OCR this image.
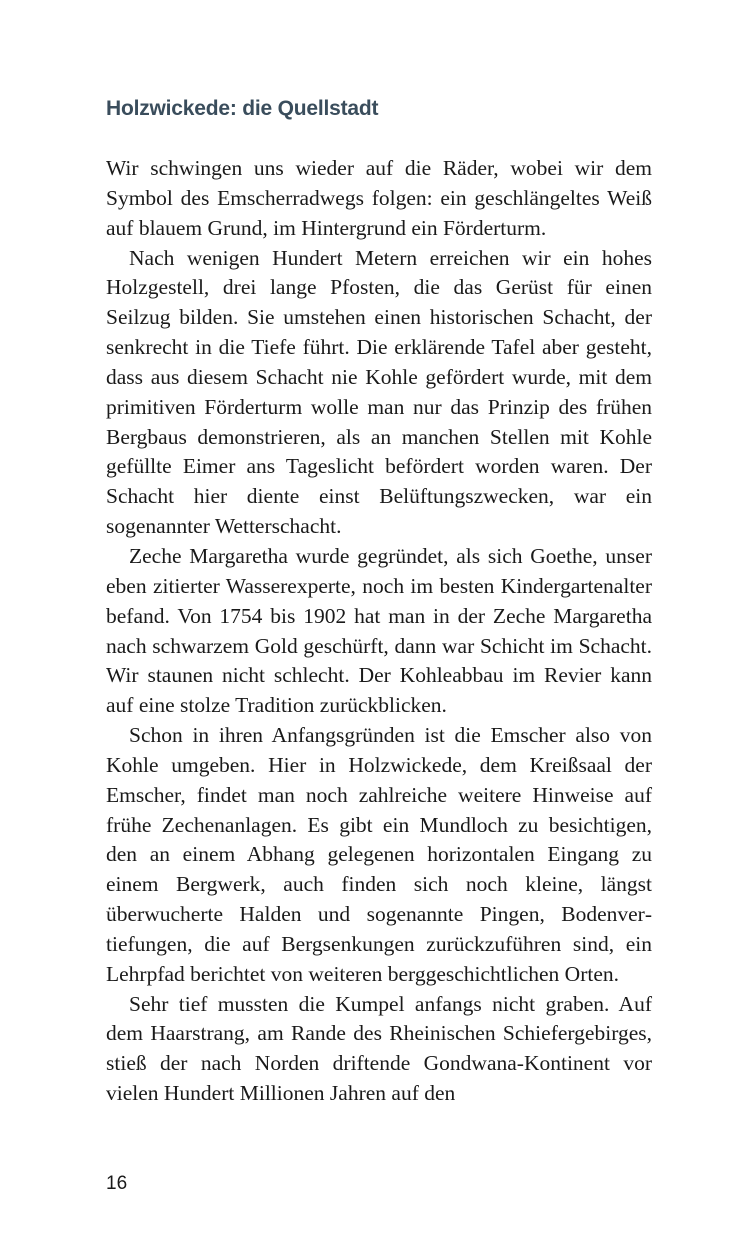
Holzwickede: die Quellstadt

Wir schwingen uns wieder auf die Räder, wobei wir dem Symbol des Emscherradwegs folgen: ein geschlängeltes Weiß auf blauem Grund, im Hintergrund ein Förderturm.

Nach wenigen Hundert Metern erreichen wir ein hohes Holzgestell, drei lange Pfosten, die das Gerüst für einen Seilzug bilden. Sie umstehen einen historischen Schacht, der senkrecht in die Tiefe führt. Die erklärende Tafel aber gesteht, dass aus diesem Schacht nie Kohle gefördert wurde, mit dem primitiven Förderturm wolle man nur das Prinzip des frühen Bergbaus demonstrieren, als an manchen Stellen mit Kohle gefüllte Eimer ans Tageslicht befördert worden waren. Der Schacht hier diente einst Belüftungszwecken, war ein sogenannter Wetterschacht.

Zeche Margaretha wurde gegründet, als sich Goethe, unser eben zitierter Wasserexperte, noch im besten Kindergartenalter befand. Von 1754 bis 1902 hat man in der Zeche Margaretha nach schwarzem Gold geschürft, dann war Schicht im Schacht. Wir staunen nicht schlecht. Der Kohleabbau im Revier kann auf eine stolze Tradition zurückblicken.

Schon in ihren Anfangsgründen ist die Emscher also von Kohle umgeben. Hier in Holzwickede, dem Kreißsaal der Emscher, findet man noch zahlreiche weitere Hinweise auf frühe Zechenanlagen. Es gibt ein Mundloch zu besichtigen, den an einem Abhang gelegenen horizontalen Eingang zu einem Bergwerk, auch finden sich noch kleine, längst überwucherte Halden und sogenannte Pingen, Bodenvertiefungen, die auf Bergsenkungen zurückzuführen sind, ein Lehrpfad berichtet von weiteren berggeschichtlichen Orten.

Sehr tief mussten die Kumpel anfangs nicht graben. Auf dem Haarstrang, am Rande des Rheinischen Schiefergebirges, stieß der nach Norden driftende Gondwana-Kontinent vor vielen Hundert Millionen Jahren auf den

16
